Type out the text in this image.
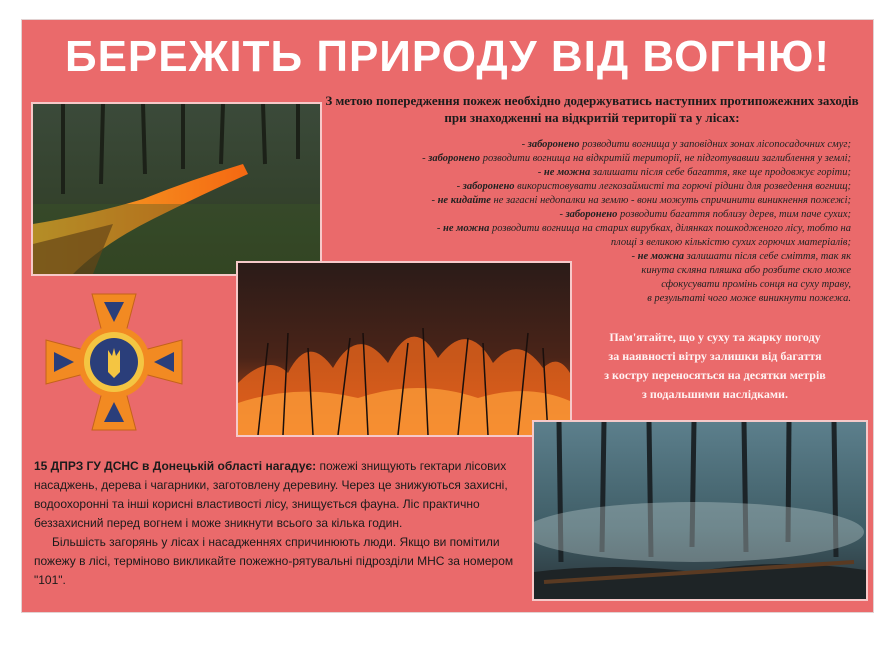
БЕРЕЖІТЬ ПРИРОДУ ВІД ВОГНЮ!
З метою попередження пожеж необхідно додержуватись наступних протипожежних заходів при знаходженні на відкритій території та у лісах:
- заборонено розводити вогнища у заповідних зонах лісопосадочних смуг;
- заборонено розводити вогнища на відкритій території, не підготувавши заглиблення у землі;
- не можна залишати після себе багаття, яке ще продовжує горіти;
- заборонено використовувати легкозаймисті та горючі рідини для розведення вогнищ;
- не кидайте не загасні недопалки на землю - вони можуть спричинити виникнення пожежі;
- заборонено розводити багаття поблизу дерев, тим паче сухих;
- не можна розводити вогнища на старих вирубках, ділянках пошкодженого лісу, тобто на
площі з великою кількістю сухих горючих матеріалів;
- не можна залишати після себе сміття, так як
кинута скляна пляшка або розбите скло може
сфокусувати промінь сонця на суху траву,
в результаті чого може виникнути пожежа.
Пам'ятайте, що у суху та жарку погоду
за наявності вітру залишки від багаття
з костру переносяться на десятки метрів
з подальшими наслідками.

15 ДПРЗ ГУ ДСНС в Донецькій області нагадує: пожежі знищують гектари лісових насаджень, дерева і чагарники, заготовлену деревину. Через це знижуються захисні, водоохоронні та інші корисні властивості лісу, знищується фауна. Ліс практично беззахисний перед вогнем і може зникнути всього за кілька годин.

Більшість загорянь у лісах і насадженнях спричинюють люди. Якщо ви помітили пожежу в лісі, терміново викликайте пожежно-рятувальні підрозділи МНС за номером "101".
